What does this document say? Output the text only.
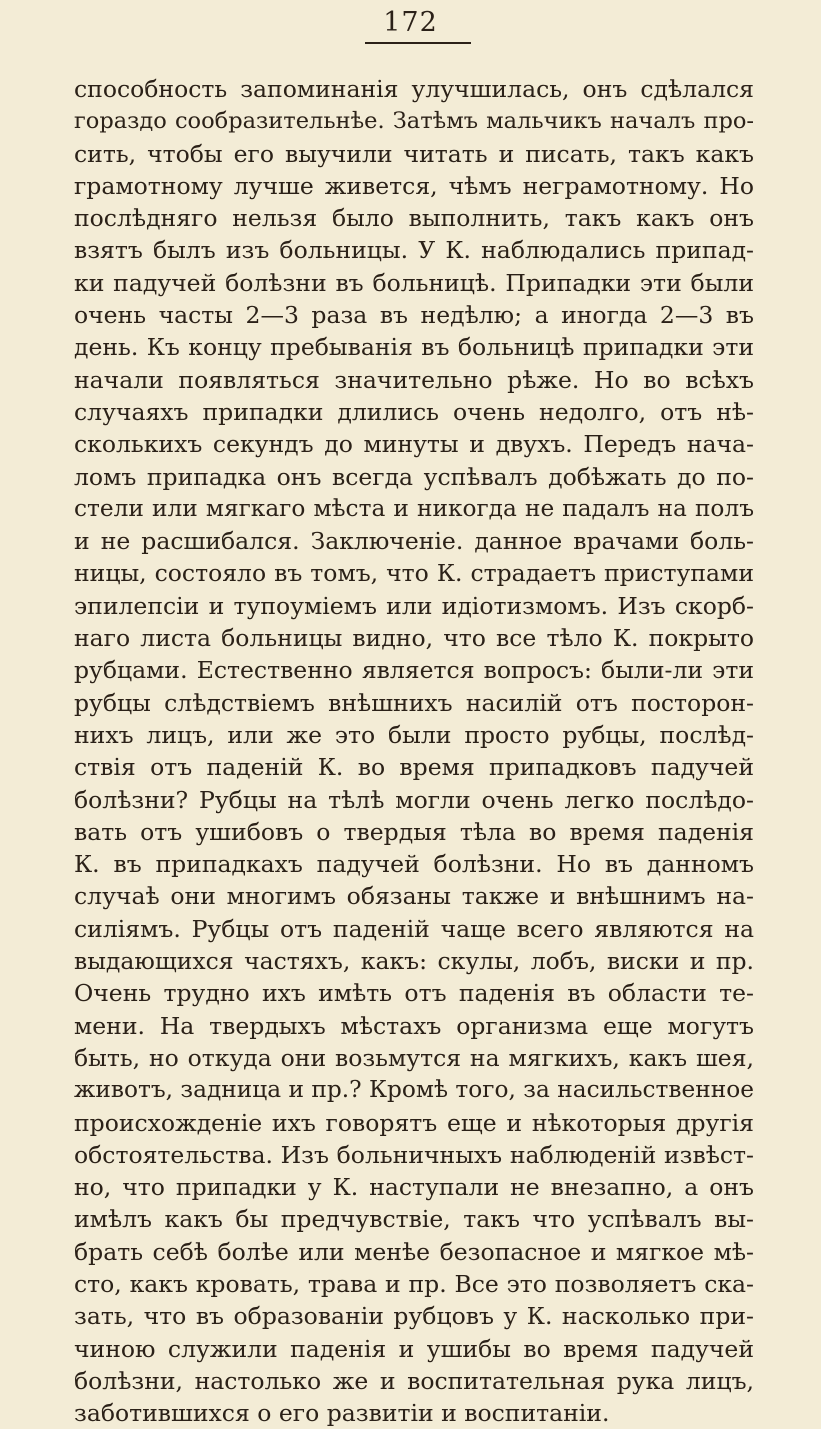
172
способность запоминанія улучшилась, онъ сдѣлался
гораздо сообразительнѣе. Затѣмъ мальчикъ началъ про-
сить, чтобы его выучили читать и писать, такъ какъ
грамотному лучше живется, чѣмъ неграмотному. Но
послѣдняго нельзя было выполнить, такъ какъ онъ
взятъ былъ изъ больницы. У К. наблюдались припад-
ки падучей болѣзни въ больницѣ. Припадки эти были
очень часты 2—3 раза въ недѣлю; а иногда 2—3 въ
день. Къ концу пребыванія въ больницѣ припадки эти
начали появляться значительно рѣже. Но во всѣхъ
случаяхъ припадки длились очень недолго, отъ нѣ-
сколькихъ секундъ до минуты и двухъ. Передъ нача-
ломъ припадка онъ всегда успѣвалъ добѣжать до по-
стели или мягкаго мѣста и никогда не падалъ на полъ
и не расшибался. Заключеніе. данное врачами боль-
ницы, состояло въ томъ, что К. страдаетъ приступами
эпилепсіи и тупоуміемъ или идіотизмомъ. Изъ скорб-
наго листа больницы видно, что все тѣло К. покрыто
рубцами. Естественно является вопросъ: были-ли эти
рубцы слѣдствіемъ внѣшнихъ насилій отъ посторон-
нихъ лицъ, или же это были просто рубцы, послѣд-
ствія отъ паденій К. во время припадковъ падучей
болѣзни? Рубцы на тѣлѣ могли очень легко послѣдо-
вать отъ ушибовъ о твердыя тѣла во время паденія
К. въ припадкахъ падучей болѣзни. Но въ данномъ
случаѣ они многимъ обязаны также и внѣшнимъ на-
силіямъ. Рубцы отъ паденій чаще всего являются на
выдающихся частяхъ, какъ: скулы, лобъ, виски и пр.
Очень трудно ихъ имѣть отъ паденія въ области те-
мени. На твердыхъ мѣстахъ организма еще могутъ
быть, но откуда они возьмутся на мягкихъ, какъ шея,
животъ, задница и пр.? Кромѣ того, за насильственное
происхожденіе ихъ говорятъ еще и нѣкоторыя другія
обстоятельства. Изъ больничныхъ наблюденій извѣст-
но, что припадки у К. наступали не внезапно, а онъ
имѣлъ какъ бы предчувствіе, такъ что успѣвалъ вы-
брать себѣ болѣе или менѣе безопасное и мягкое мѣ-
сто, какъ кровать, трава и пр. Все это позволяетъ ска-
зать, что въ образованіи рубцовъ у К. насколько при-
чиною служили паденія и ушибы во время падучей
болѣзни, настолько же и воспитательная рука лицъ,
заботившихся о его развитіи и воспитаніи.
